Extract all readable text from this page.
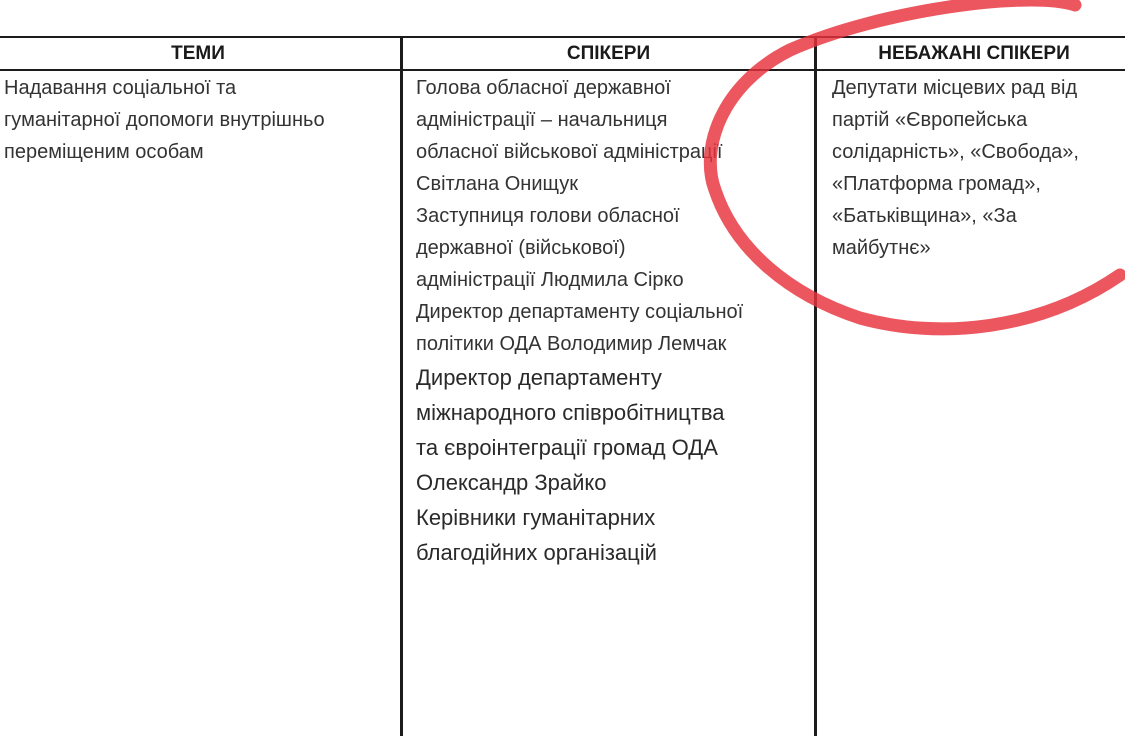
ТЕМИ	СПІКЕРИ	НЕБАЖАНІ СПІКЕРИ

Надавання соціальної та
гуманітарної допомоги внутрішньо
переміщеним особам

Голова обласної державної
адміністрації – начальниця
обласної військової адміністрації
Світлана Онищук

Заступниця голови обласної
державної (військової)
адміністрації Людмила Сірко

Директор департаменту соціальної
політики ОДА Володимир Лемчак

Директор департаменту
міжнародного співробітництва
та євроінтеграції громад ОДА
Олександр Зрайко

Керівники гуманітарних
благодійних організацій

Депутати місцевих рад від
партій «Європейська
солідарність», «Свобода»,
«Платформа громад»,
«Батьківщина», «За
майбутнє»
